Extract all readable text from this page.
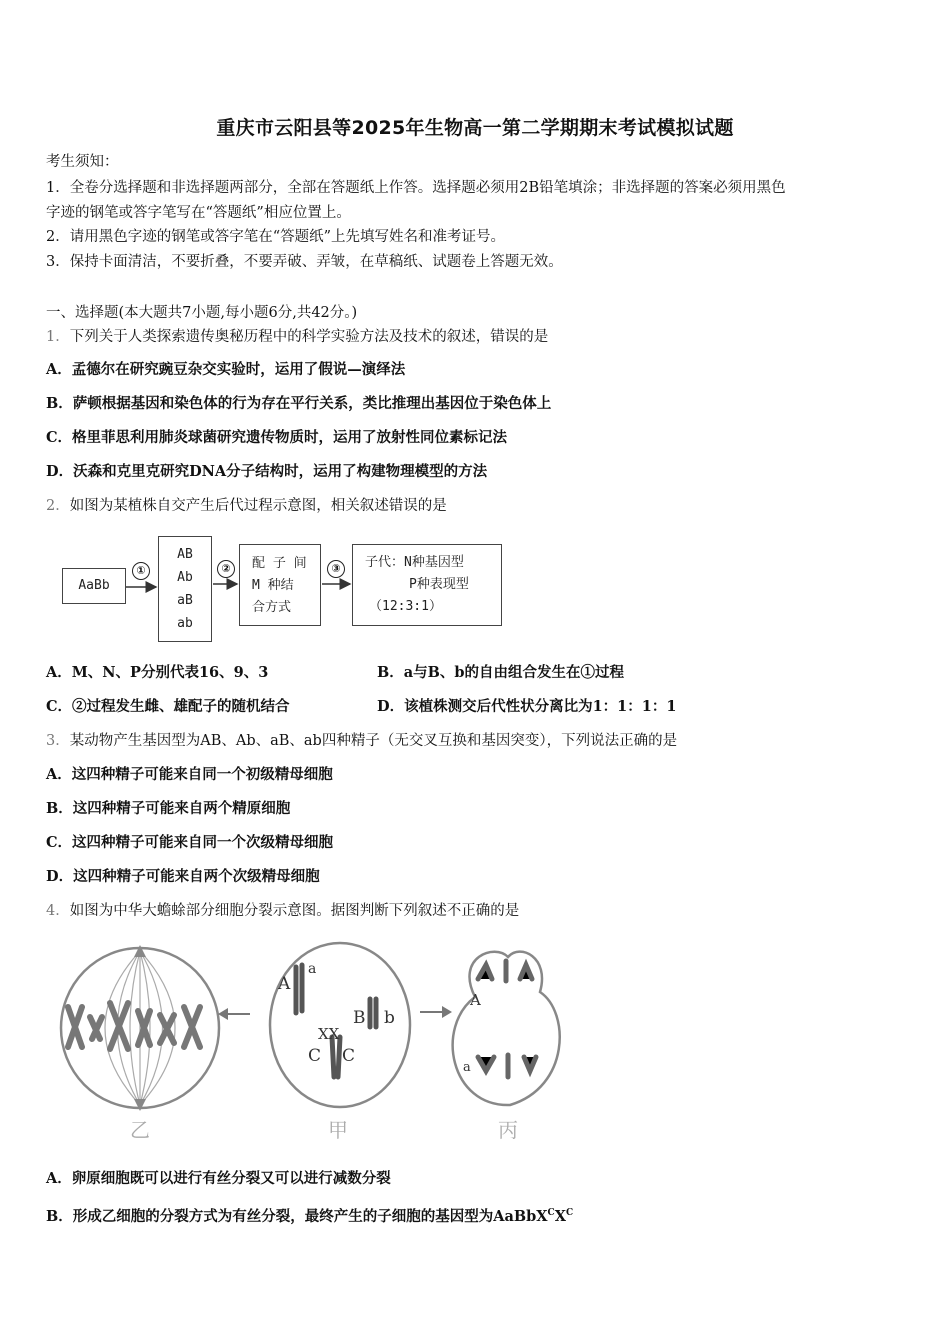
重庆市云阳县等2025年生物高一第二学期期末考试模拟试题
考生须知：
1．全卷分选择题和非选择题两部分，全部在答题纸上作答。选择题必须用2B铅笔填涂；非选择题的答案必须用黑色
字迹的钢笔或答字笔写在“答题纸”相应位置上。
2．请用黑色字迹的钢笔或答字笔在“答题纸”上先填写姓名和准考证号。
3．保持卡面清洁，不要折叠，不要弄破、弄皱，在草稿纸、试题卷上答题无效。
一、选择题(本大题共7小题,每小题6分,共42分。)
1．下列关于人类探索遗传奥秘历程中的科学实验方法及技术的叙述，错误的是
A．孟德尔在研究豌豆杂交实验时，运用了假说—演绎法
B．萨顿根据基因和染色体的行为存在平行关系，类比推理出基因位于染色体上
C．格里菲思利用肺炎球菌研究遗传物质时，运用了放射性同位素标记法
D．沃森和克里克研究DNA分子结构时，运用了构建物理模型的方法
2．如图为某植株自交产生后代过程示意图，相关叙述错误的是
AaBb
①
AB
Ab
aB
ab
②	配 子 间
M 种结
合方式
③	子代：N种基因型
P种表现型
（12:3:1）
A．M、N、P分别代表16、9、3	B．a与B、b的自由组合发生在①过程
C．②过程发生雌、雄配子的随机结合	D．该植株测交后代性状分离比为1：1：1：1
3．某动物产生基因型为AB、Ab、aB、ab四种精子（无交叉互换和基因突变），下列说法正确的是
A．这四种精子可能来自同一个初级精母细胞
B．这四种精子可能来自两个精原细胞
C．这四种精子可能来自同一个次级精母细胞
D．这四种精子可能来自两个次级精母细胞
4．如图为中华大蟾蜍部分细胞分裂示意图。据图判断下列叙述不正确的是
A
a
B b
XX
C C
A
a
乙	甲	丙
A．卵原细胞既可以进行有丝分裂又可以进行减数分裂
B．形成乙细胞的分裂方式为有丝分裂，最终产生的子细胞的基因型为$AaBbX^CX^C$
